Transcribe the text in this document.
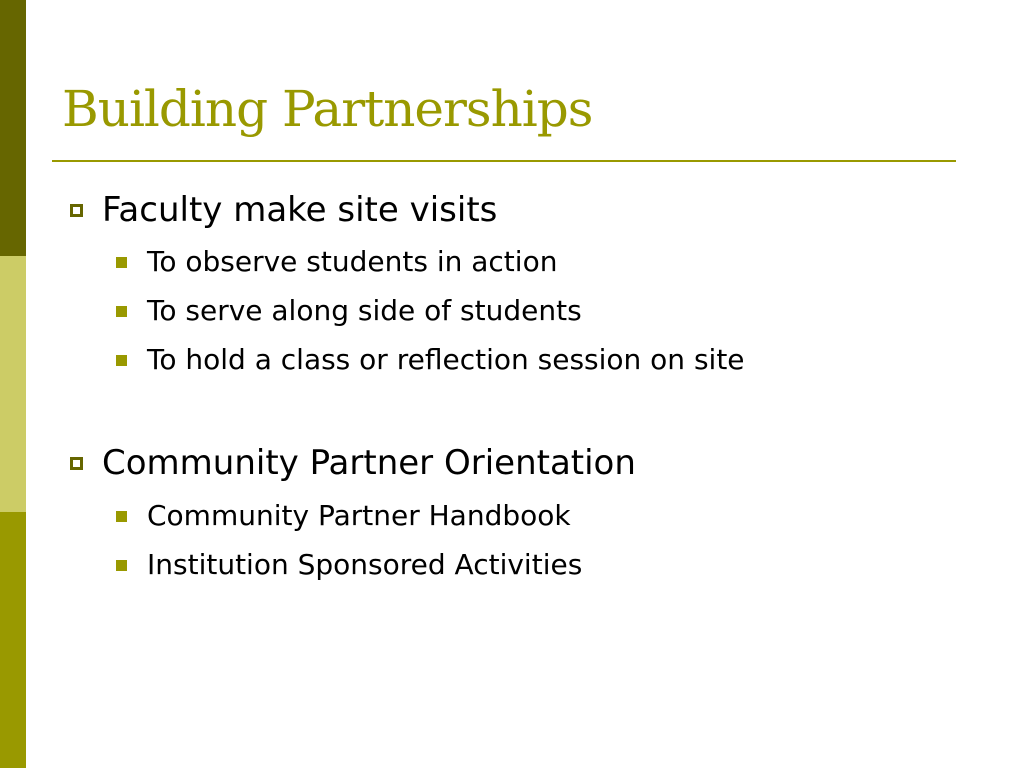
Building Partnerships
Faculty make site visits
To observe students in action
To serve along side of students
To hold a class or reflection session on site
Community Partner Orientation
Community Partner Handbook
Institution Sponsored Activities
